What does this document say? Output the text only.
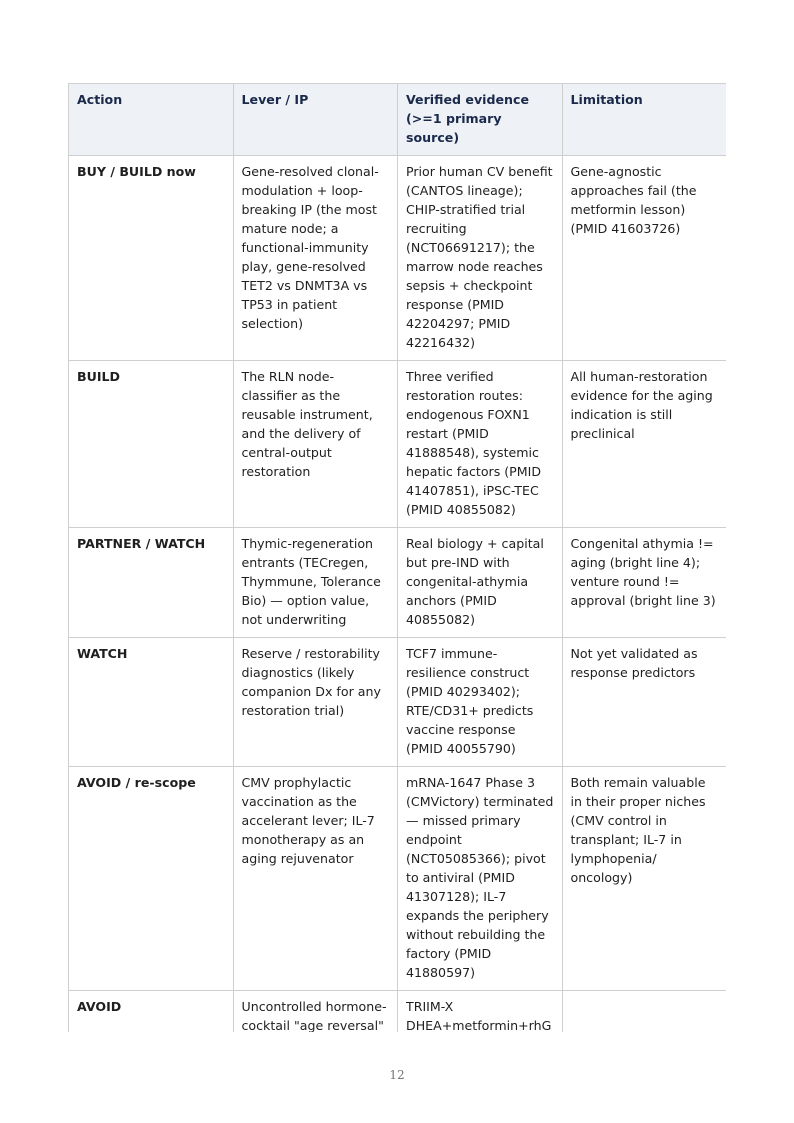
Action	Lever / IP	Verified evidence (>=1 primary source)	Limitation
BUY / BUILD now	Gene-resolved clonal-modulation + loop-breaking IP (the most mature node; a functional-immunity play, gene-resolved TET2 vs DNMT3A vs TP53 in patient selection)	Prior human CV benefit (CANTOS lineage); CHIP-stratified trial recruiting (NCT06691217); the marrow node reaches sepsis + checkpoint response (PMID 42204297; PMID 42216432)	Gene-agnostic approaches fail (the metformin lesson) (PMID 41603726)
BUILD	The RLN node-classifier as the reusable instrument, and the delivery of central-output restoration	Three verified restoration routes: endogenous FOXN1 restart (PMID 41888548), systemic hepatic factors (PMID 41407851), iPSC-TEC (PMID 40855082)	All human-restoration evidence for the aging indication is still preclinical
PARTNER / WATCH	Thymic-regeneration entrants (TECregen, Thymmune, Tolerance Bio) — option value, not underwriting	Real biology + capital but pre-IND with congenital-athymia anchors (PMID 40855082)	Congenital athymia != aging (bright line 4); venture round != approval (bright line 3)
WATCH	Reserve / restorability diagnostics (likely companion Dx for any restoration trial)	TCF7 immune-resilience construct (PMID 40293402); RTE/CD31+ predicts vaccine response (PMID 40055790)	Not yet validated as response predictors
AVOID / re-scope	CMV prophylactic vaccination as the accelerant lever; IL-7 monotherapy as an aging rejuvenator	mRNA-1647 Phase 3 (CMVictory) terminated — missed primary endpoint (NCT05085366); pivot to antiviral (PMID 41307128); IL-7 expands the periphery without rebuilding the factory (PMID 41880597)	Both remain valuable in their proper niches (CMV control in transplant; IL-7 in lymphopenia/ oncology)
AVOID	Uncontrolled hormone-cocktail "age reversal"	TRIIM-X DHEA+metformin+rhG	
12
